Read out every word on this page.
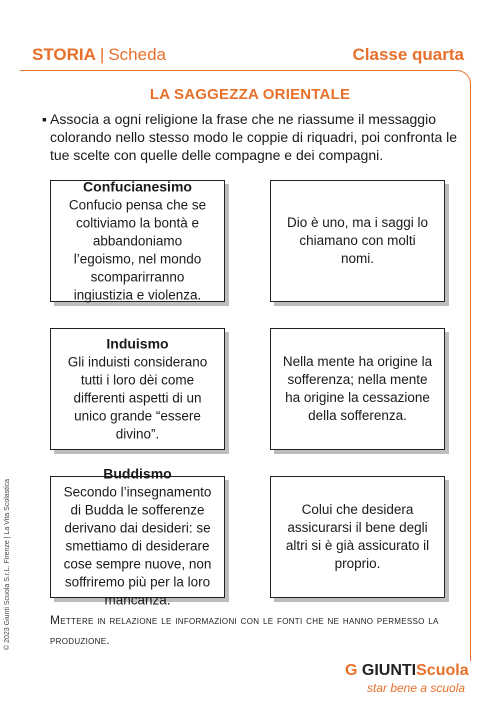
STORIA | Scheda	Classe quarta
LA SAGGEZZA ORIENTALE
▪ Associa a ogni religione la frase che ne riassume il messaggio colorando nello stesso modo le coppie di riquadri, poi confronta le tue scelte con quelle delle compagne e dei compagni.
Confucianesimo
Confucio pensa che se coltiviamo la bontà e abbandoniamo l’egoismo, nel mondo scomparirranno ingiustizia e violenza.
Induismo
Gli induisti considerano tutti i loro dèi come differenti aspetti di un unico grande “essere divino”.
Buddismo
Secondo l’insegnamento di Budda le sofferenze derivano dai desideri: se smettiamo di desiderare cose sempre nuove, non soffriremo più per la loro mancanza.
Dio è uno, ma i saggi lo chiamano con molti nomi.
Nella mente ha origine la sofferenza; nella mente ha origine la cessazione della sofferenza.
Colui che desidera assicurarsi il bene degli altri si è già assicurato il proprio.
Mettere in relazione le informazioni con le fonti che ne hanno permesso la produzione.
© 2023 Giunti Scuola S.r.L. Firenze | La Vita Scolastica
G GIUNTIScuola
star bene a scuola
